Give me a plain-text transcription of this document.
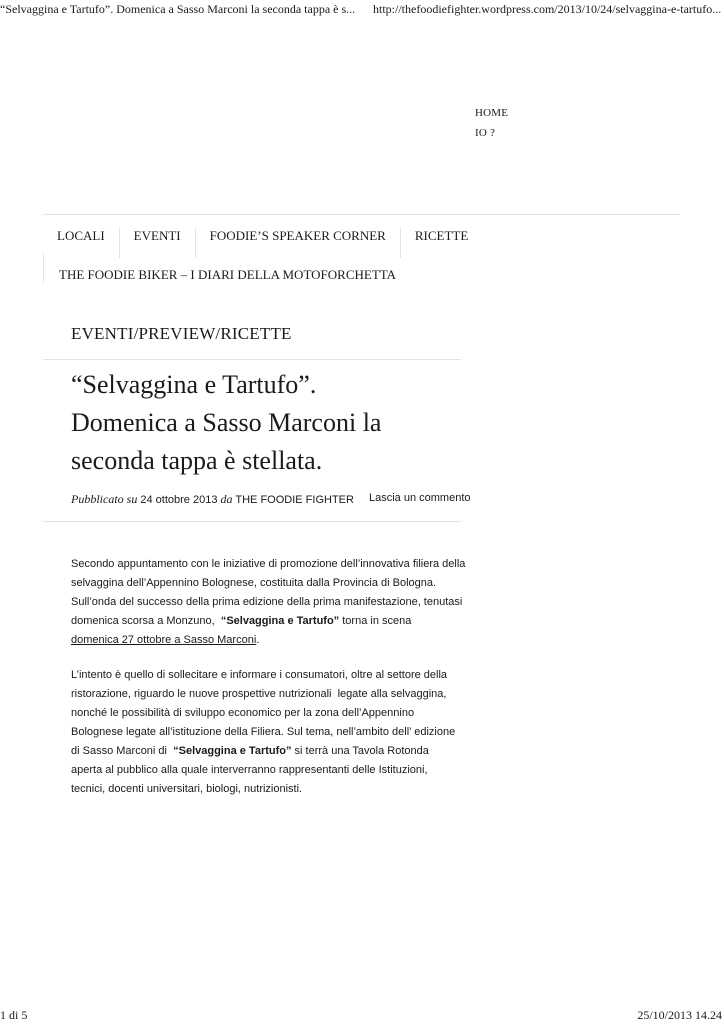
“Selvaggina e Tartufo”. Domenica a Sasso Marconi la seconda tappa è s... http://thefoodiefighter.wordpress.com/2013/10/24/selvaggina-e-tartufo...
HOME
IO ?
LOCALI	EVENTI	FOODIE’S SPEAKER CORNER	RICETTE
THE FOODIE BIKER – I DIARI DELLA MOTOFORCHETTA
EVENTI/PREVIEW/RICETTE
“Selvaggina e Tartufo”.
Domenica a Sasso Marconi la
seconda tappa è stellata.
Pubblicato su 24 ottobre 2013 da THE FOODIE FIGHTER Lascia un commento

Secondo appuntamento con le iniziative di promozione dell’innovativa filiera della
selvaggina dell’Appennino Bolognese, costituita dalla Provincia di Bologna.
Sull’onda del successo della prima edizione della prima manifestazione, tenutasi
domenica scorsa a Monzuno,  “Selvaggina e Tartufo” torna in scena
domenica 27 ottobre a Sasso Marconi.

L’intento è quello di sollecitare e informare i consumatori, oltre al settore della
ristorazione, riguardo le nuove prospettive nutrizionali  legate alla selvaggina,
nonché le possibilità di sviluppo economico per la zona dell’Appennino
Bolognese legate all’istituzione della Filiera. Sul tema, nell’ambito dell’ edizione
di Sasso Marconi di  “Selvaggina e Tartufo” si terrà una Tavola Rotonda
aperta al pubblico alla quale interverranno rappresentanti delle Istituzioni,
tecnici, docenti universitari, biologi, nutrizionisti.

1 di 5	25/10/2013 14.24
